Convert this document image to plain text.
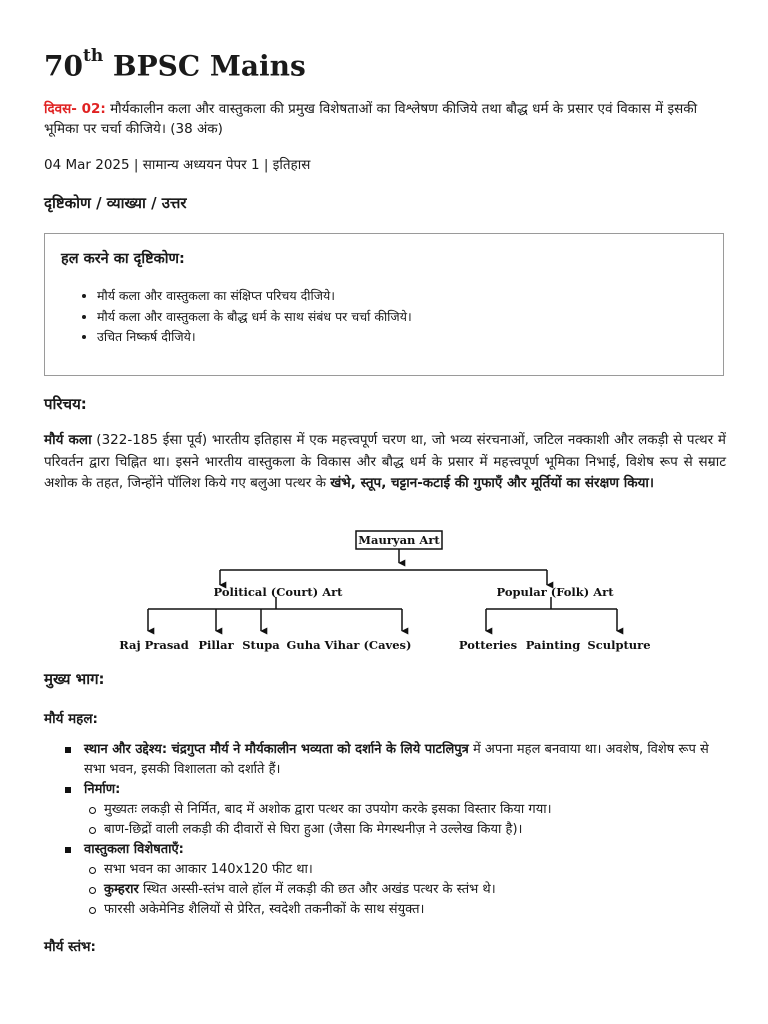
70th BPSC Mains
दिवस- 02: मौर्यकालीन कला और वास्तुकला की प्रमुख विशेषताओं का विश्लेषण कीजिये तथा बौद्ध धर्म के प्रसार एवं विकास में इसकी भूमिका पर चर्चा कीजिये। (38 अंक)
04 Mar 2025 | सामान्य अध्ययन पेपर 1 | इतिहास
दृष्टिकोण / व्याख्या / उत्तर
हल करने का दृष्टिकोण:
• मौर्य कला और वास्तुकला का संक्षिप्त परिचय दीजिये।
• मौर्य कला और वास्तुकला के बौद्ध धर्म के साथ संबंध पर चर्चा कीजिये।
• उचित निष्कर्ष दीजिये।
परिचय:
मौर्य कला (322-185 ईसा पूर्व) भारतीय इतिहास में एक महत्त्वपूर्ण चरण था, जो भव्य संरचनाओं, जटिल नक्काशी और लकड़ी से पत्थर में परिवर्तन द्वारा चिह्नित था। इसने भारतीय वास्तुकला के विकास और बौद्ध धर्म के प्रसार में महत्त्वपूर्ण भूमिका निभाई, विशेष रूप से सम्राट अशोक के तहत, जिन्होंने पॉलिश किये गए बलुआ पत्थर के खंभे, स्तूप, चट्टान-कटाई की गुफाएँ और मूर्तियों का संरक्षण किया।
मुख्य भाग:
मौर्य महल:
स्थान और उद्देश्य: चंद्रगुप्त मौर्य ने मौर्यकालीन भव्यता को दर्शाने के लिये पाटलिपुत्र में अपना महल बनवाया था। अवशेष, विशेष रूप से सभा भवन, इसकी विशालता को दर्शाते हैं।
निर्माण:
मुख्यतः लकड़ी से निर्मित, बाद में अशोक द्वारा पत्थर का उपयोग करके इसका विस्तार किया गया।
बाण-छिद्रों वाली लकड़ी की दीवारों से घिरा हुआ (जैसा कि मेगस्थनीज़ ने उल्लेख किया है)।
वास्तुकला विशेषताएँ:
सभा भवन का आकार 140x120 फीट था।
कुम्हरार स्थित अस्सी-स्तंभ वाले हॉल में लकड़ी की छत और अखंड पत्थर के स्तंभ थे।
फारसी अकेमेनिड शैलियों से प्रेरित, स्वदेशी तकनीकों के साथ संयुक्त।
मौर्य स्तंभ:
Mauryan Art
Political (Court) Art	Popular (Folk) Art
Raj Prasad Pillar Stupa Guha Vihar (Caves)	Potteries Painting Sculpture
